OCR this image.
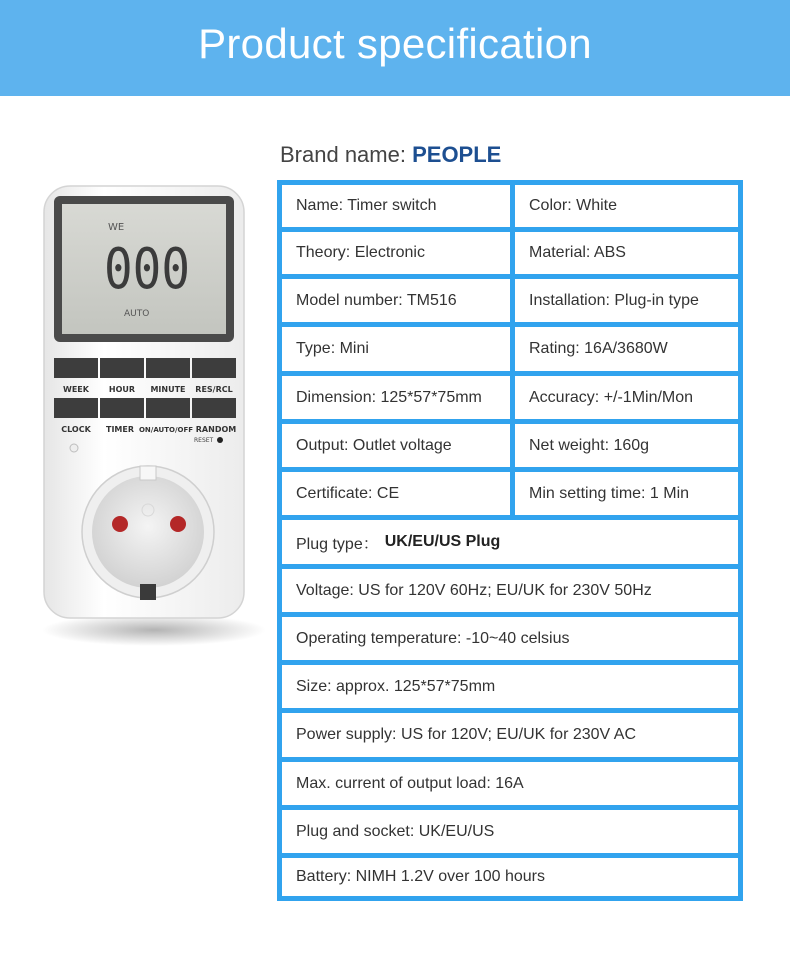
Product specification
Brand name: PEOPLE
WE
000
AUTO
WEEK HOUR MINUTE RES/RCL
CLOCK TIMER ON/AUTO/OFF RANDOM
RESET
Name: Timer switch	Color: White
Theory: Electronic	Material: ABS
Model number: TM516	Installation: Plug-in type
Type: Mini	Rating: 16A/3680W
Dimension: 125*57*75mm	Accuracy: +/-1Min/Mon
Output: Outlet voltage	Net weight: 160g
Certificate: CE	Min setting time: 1 Min
Plug type： UK/EU/US Plug
Voltage: US for 120V 60Hz; EU/UK for 230V 50Hz
Operating temperature: -10~40 celsius
Size: approx. 125*57*75mm
Power supply: US for 120V; EU/UK for 230V AC
Max. current of output load: 16A
Plug and socket: UK/EU/US
Battery: NIMH 1.2V over 100 hours
